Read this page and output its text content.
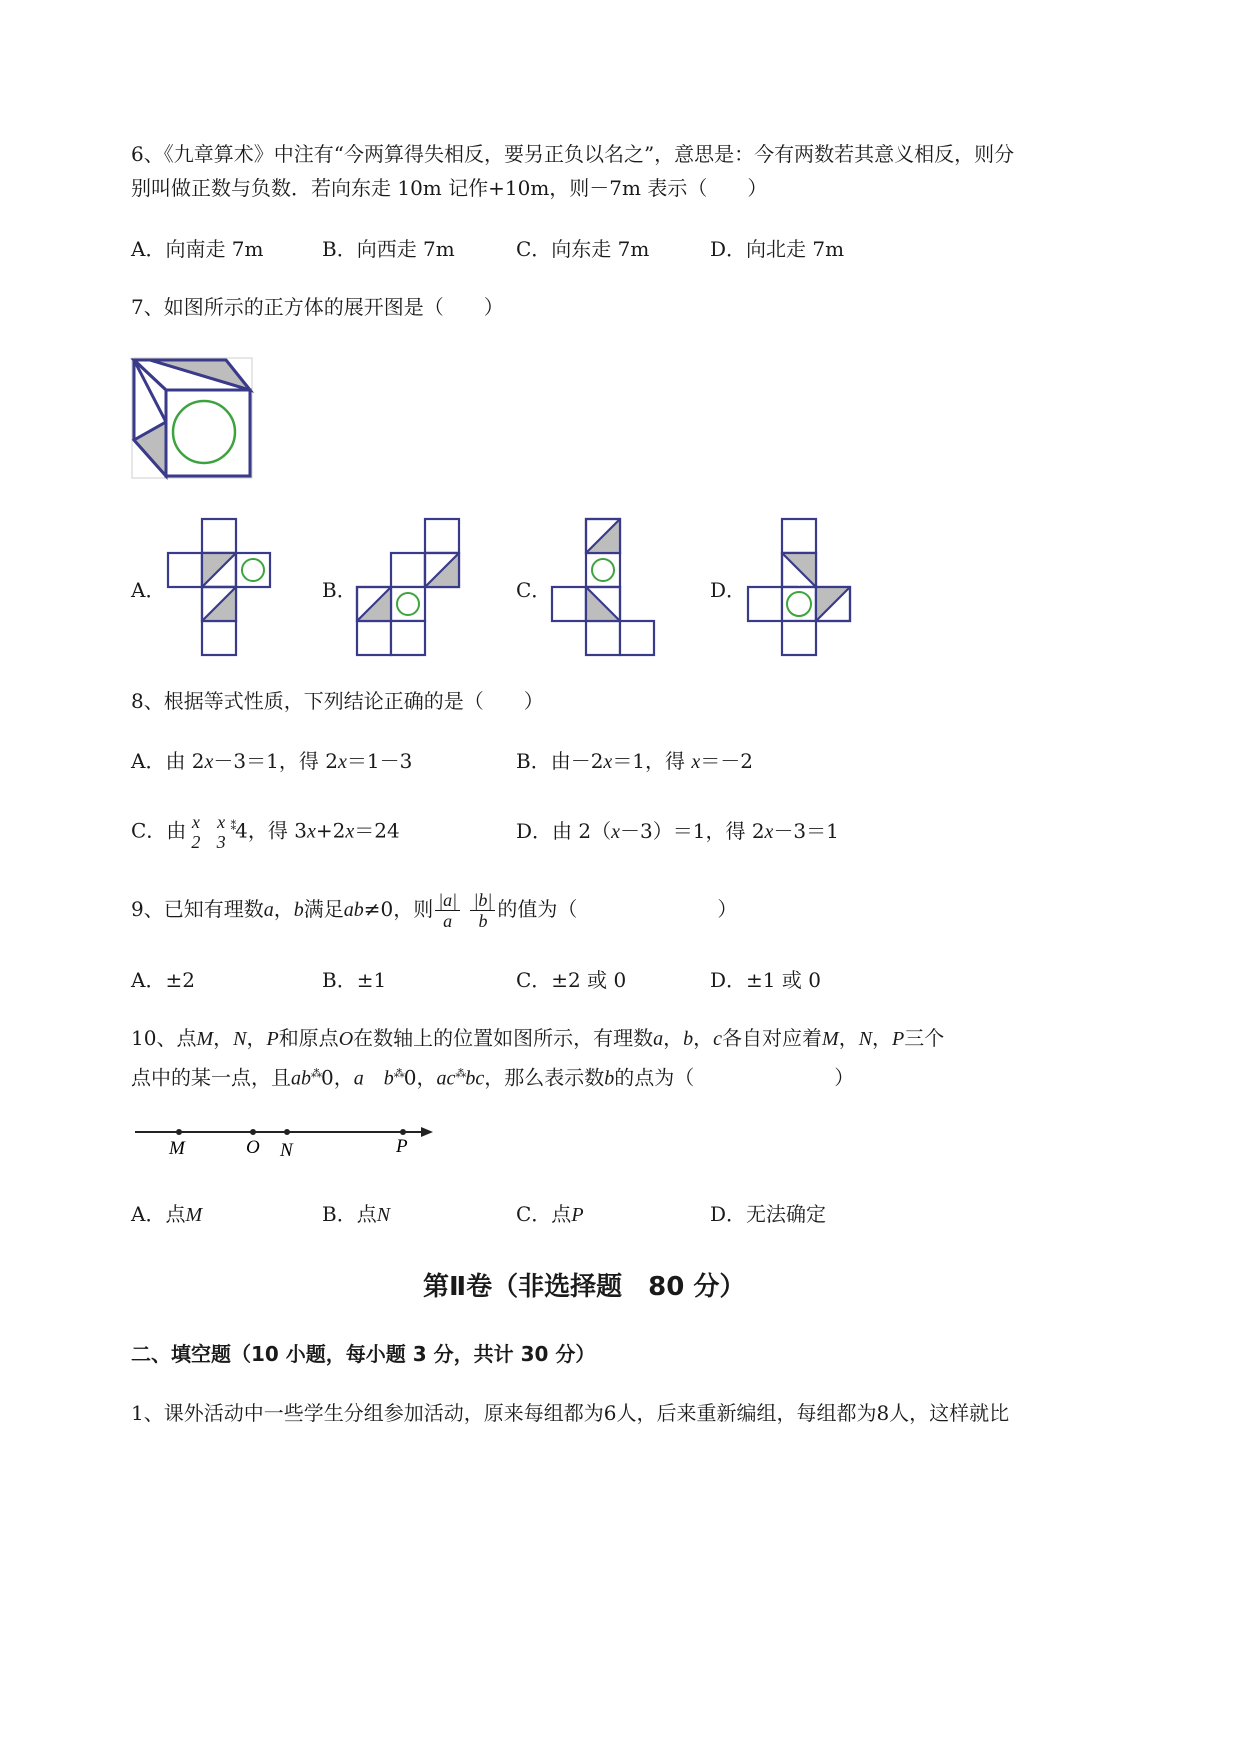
6、《九章算术》中注有“今两算得失相反，要另正负以名之”，意思是：今有两数若其意义相反，则分
别叫做正数与负数．若向东走 10m 记作+10m，则－7m 表示（　　）
A．向南走 7m	B．向西走 7m	C．向东走 7m	D．向北走 7m
7、如图所示的正方体的展开图是（　　）
A．	B．	C．	D．
8、根据等式性质，下列结论正确的是（　　）
A．由 2x－3＝1，得 2x＝1－3	B．由－2x＝1，得 x＝－2
C．由 x
2

x
3
⁑4，得 3x+2x＝24	D．由 2（x－3）＝1，得 2x－3＝1
9、已知有理数a，b满足ab≠0，则 $\frac{|a|}{a}$
$\frac{|b|}{b}$ 的值为（　　　　　　　）
A．±2	B．±1	C．±2 或 0	D．±1 或 0
10、点M，N，P和原点O在数轴上的位置如图所示，有理数a，b，c各自对应着M，N，P三个
点中的某一点，且ab⁂0，a　 b⁂0，ac⁂bc，那么表示数b的点为（　　　　　　　）
M	O N	P
A．点M	B．点N	C．点P	D．无法确定
第Ⅱ卷（非选择题　80 分）
二、填空题（10 小题，每小题 3 分，共计 30 分）
1、课外活动中一些学生分组参加活动，原来每组都为6人，后来重新编组，每组都为8人，这样就比
